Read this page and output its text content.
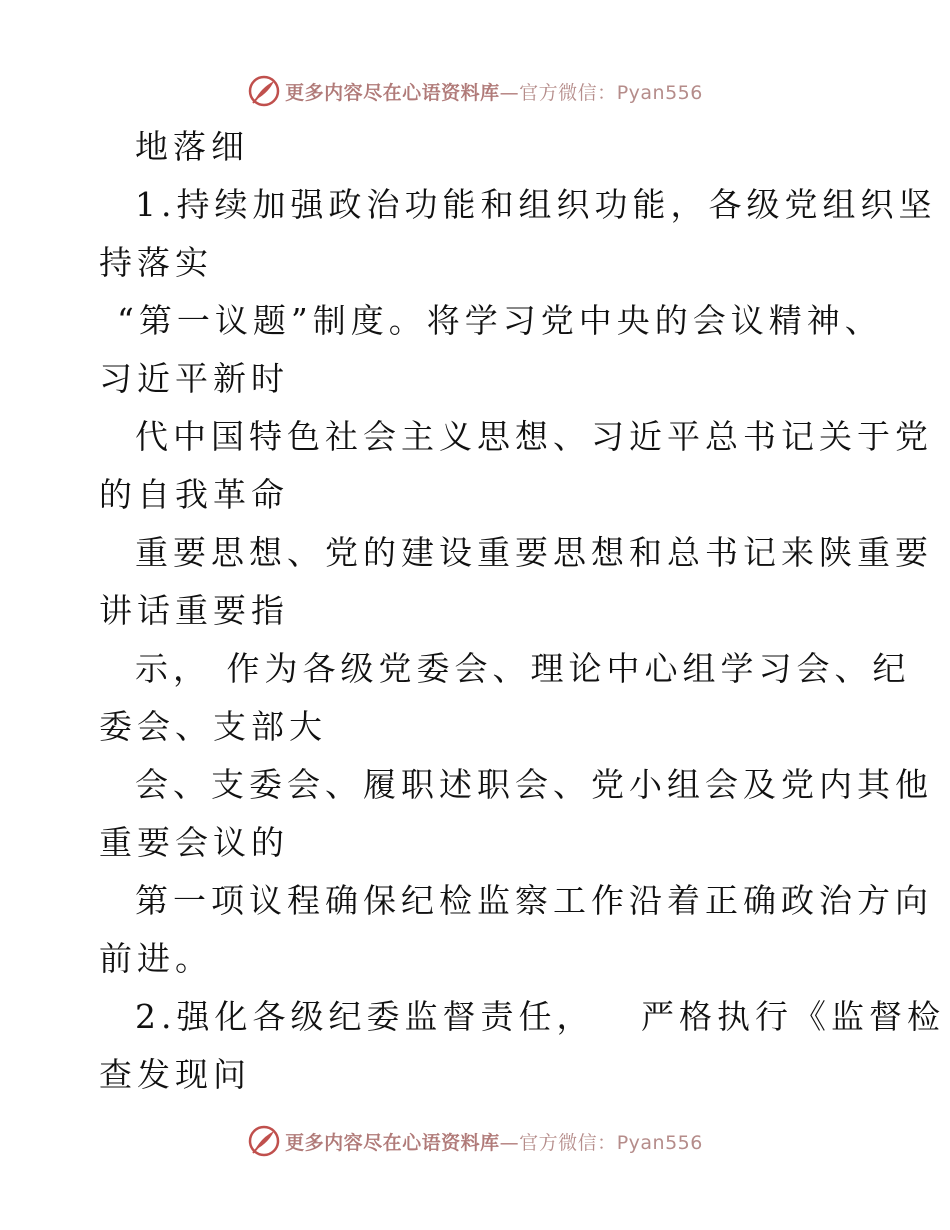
更多内容尽在心语资料库—官方微信：Pyan556
地落细
1.持续加强政治功能和组织功能，各级党组织坚
持落实
“第一议题”制度。将学习党中央的会议精神、
习近平新时
代中国特色社会主义思想、习近平总书记关于党
的自我革命
重要思想、党的建设重要思想和总书记来陕重要
讲话重要指
示， 作为各级党委会、理论中心组学习会、纪
委会、支部大
会、支委会、履职述职会、党小组会及党内其他
重要会议的
第一项议程确保纪检监察工作沿着正确政治方向
前进。
2.强化各级纪委监督责任，   严格执行《监督检
查发现问
更多内容尽在心语资料库—官方微信：Pyan556
